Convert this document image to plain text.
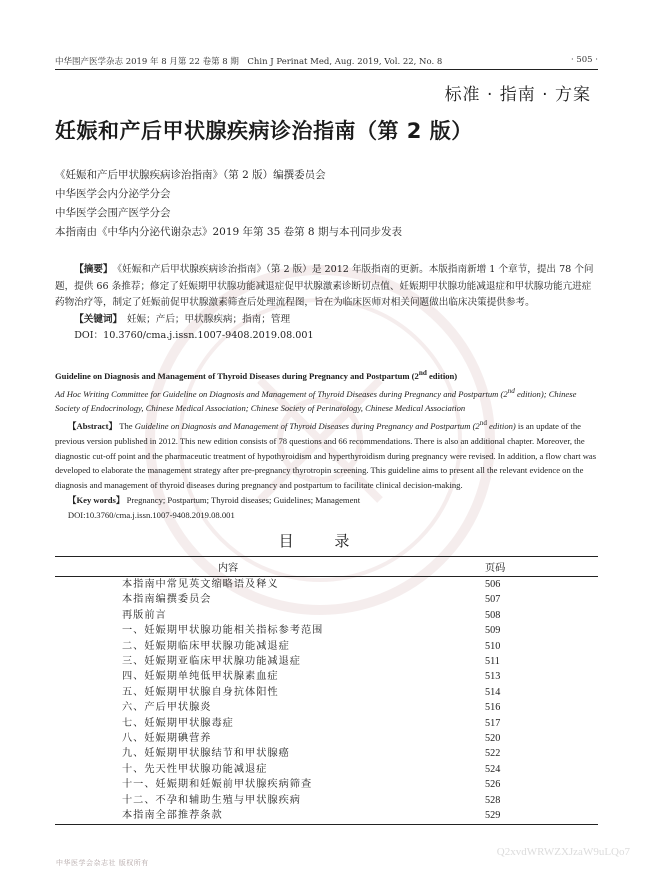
中华围产医学杂志 2019 年 8 月第 22 卷第 8 期　Chin J Perinat Med, Aug. 2019, Vol. 22, No. 8	· 505 ·
标准 · 指南 · 方案
妊娠和产后甲状腺疾病诊治指南（第 2 版）
《妊娠和产后甲状腺疾病诊治指南》（第 2 版）编撰委员会
中华医学会内分泌学分会
中华医学会围产医学分会
本指南由《中华内分泌代谢杂志》2019 年第 35 卷第 8 期与本刊同步发表

【摘要】　 《妊娠和产后甲状腺疾病诊治指南》（第 2 版）是 2012 年版指南的更新。本版指南新增 1 个章节，提出 78 个问题，提供 66 条推荐；修定了妊娠期甲状腺功能减退症促甲状腺激素诊断切点值、妊娠期甲状腺功能减退症和甲状腺功能亢进症药物治疗等，制定了妊娠前促甲状腺激素筛查后处理流程图，旨在为临床医师对相关问题做出临床决策提供参考。

【关键词】　 妊娠；产后；甲状腺疾病；指南；管理

DOI：10.3760/cma.j.issn.1007-9408.2019.08.001

Guideline on Diagnosis and Management of Thyroid Diseases during Pregnancy and Postpartum (2nd edition)

Ad Hoc Writing Committee for Guideline on Diagnosis and Management of Thyroid Diseases during Pregnancy and Postpartum (2nd edition); Chinese Society of Endocrinology, Chinese Medical Association; Chinese Society of Perinatology, Chinese Medical Association

【Abstract】 The Guideline on Diagnosis and Management of Thyroid Diseases during Pregnancy and Postpartum (2nd edition) is an update of the previous version published in 2012. This new edition consists of 78 questions and 66 recommendations. There is also an additional chapter. Moreover, the diagnostic cut-off point and the pharmaceutic treatment of hypothyroidism and hyperthyroidism during pregnancy were revised. In addition, a flow chart was developed to elaborate the management strategy after pre-pregnancy thyrotropin screening. This guideline aims to present all the relevant evidence on the diagnosis and management of thyroid diseases during pregnancy and postpartum to facilitate clinical decision-making.

【Key words】 Pregnancy; Postpartum; Thyroid diseases; Guidelines; Management

DOI:10.3760/cma.j.issn.1007-9408.2019.08.001

目 录
内容	页码
本指南中常见英文缩略语及释义	506
本指南编撰委员会	507
再版前言	508
一、妊娠期甲状腺功能相关指标参考范围	509
二、妊娠期临床甲状腺功能减退症	510
三、妊娠期亚临床甲状腺功能减退症	511
四、妊娠期单纯低甲状腺素血症	513
五、妊娠期甲状腺自身抗体阳性	514
六、产后甲状腺炎	516
七、妊娠期甲状腺毒症	517
八、妊娠期碘营养	520
九、妊娠期甲状腺结节和甲状腺癌	522
十、先天性甲状腺功能减退症	524
十一、妊娠期和妊娠前甲状腺疾病筛查	526
十二、不孕和辅助生殖与甲状腺疾病	528
本指南全部推荐条款	529
中华医学会杂志社 版权所有
Q2xvdWRWZXJzaW9uLQo7
